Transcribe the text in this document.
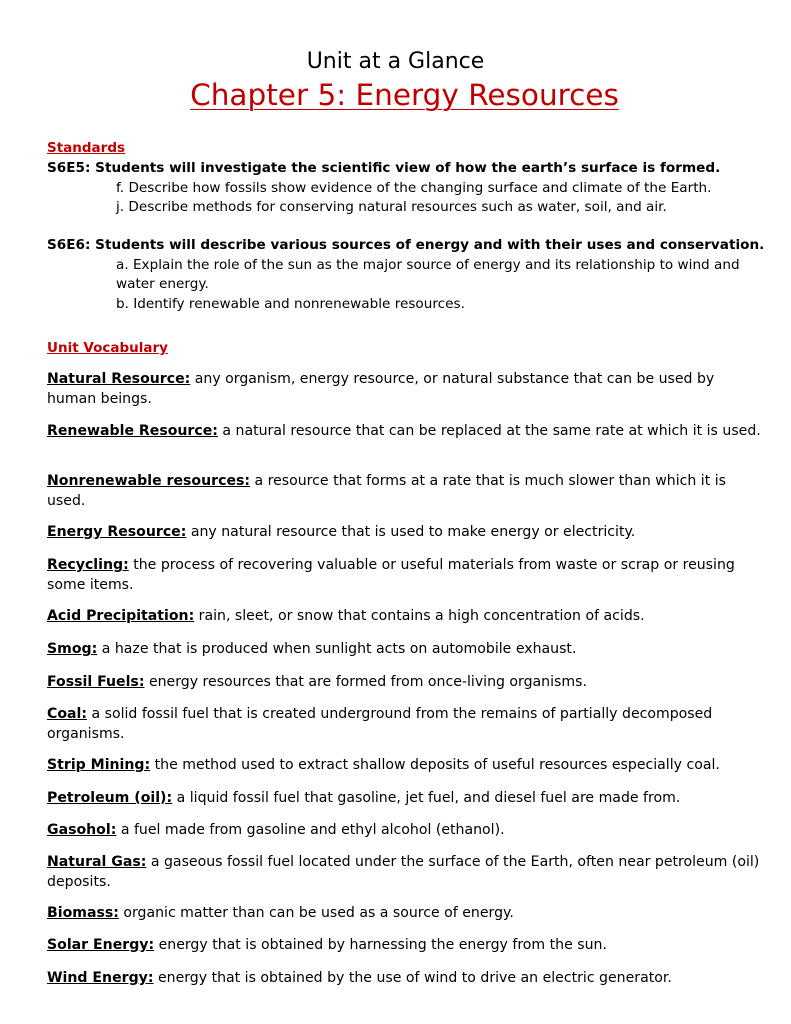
Unit at a Glance
Chapter 5: Energy Resources
Standards
S6E5: Students will investigate the scientific view of how the earth’s surface is formed.
f. Describe how fossils show evidence of the changing surface and climate of the Earth.
j. Describe methods for conserving natural resources such as water, soil, and air.
S6E6: Students will describe various sources of energy and with their uses and conservation.
a. Explain the role of the sun as the major source of energy and its relationship to wind and water energy.
b. Identify renewable and nonrenewable resources.
Unit Vocabulary
Natural Resource: any organism, energy resource, or natural substance that can be used by human beings.
Renewable Resource: a natural resource that can be replaced at the same rate at which it is used.
Nonrenewable resources: a resource that forms at a rate that is much slower than which it is used.
Energy Resource: any natural resource that is used to make energy or electricity.
Recycling: the process of recovering valuable or useful materials from waste or scrap or reusing some items.
Acid Precipitation: rain, sleet, or snow that contains a high concentration of acids.
Smog: a haze that is produced when sunlight acts on automobile exhaust.
Fossil Fuels: energy resources that are formed from once-living organisms.
Coal: a solid fossil fuel that is created underground from the remains of partially decomposed organisms.
Strip Mining: the method used to extract shallow deposits of useful resources especially coal.
Petroleum (oil): a liquid fossil fuel that gasoline, jet fuel, and diesel fuel are made from.
Gasohol: a fuel made from gasoline and ethyl alcohol (ethanol).
Natural Gas: a gaseous fossil fuel located under the surface of the Earth, often near petroleum (oil) deposits.
Biomass: organic matter than can be used as a source of energy.
Solar Energy: energy that is obtained by harnessing the energy from the sun.
Wind Energy: energy that is obtained by the use of wind to drive an electric generator.
